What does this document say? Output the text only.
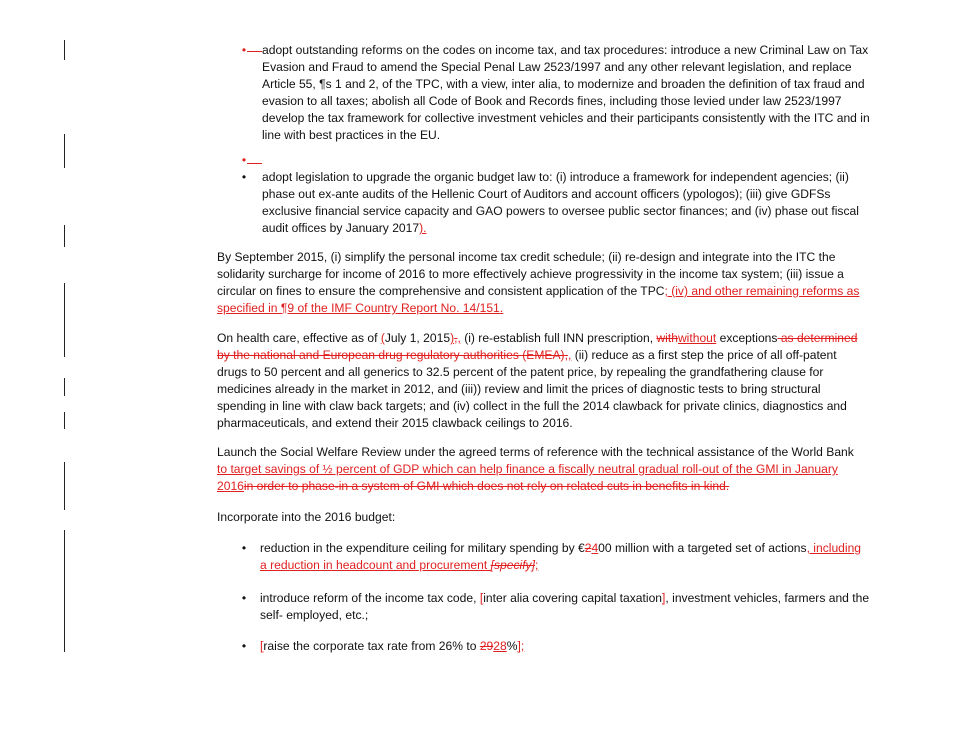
• adopt outstanding reforms on the codes on income tax, and tax procedures: introduce a new Criminal Law on Tax Evasion and Fraud to amend the Special Penal Law 2523/1997 and any other relevant legislation, and replace Article 55, ¶s 1 and 2, of the TPC, with a view, inter alia, to modernize and broaden the definition of tax fraud and evasion to all taxes; abolish all Code of Book and Records fines, including those levied under law 2523/1997 develop the tax framework for collective investment vehicles and their participants consistently with the ITC and in line with best practices in the EU.
•
• adopt legislation to upgrade the organic budget law to: (i) introduce a framework for independent agencies; (ii) phase out ex-ante audits of the Hellenic Court of Auditors and account officers (ypologos); (iii) give GDFSs exclusive financial service capacity and GAO powers to oversee public sector finances; and (iv) phase out fiscal audit offices by January 2017).
By September 2015, (i) simplify the personal income tax credit schedule; (ii) re-design and integrate into the ITC the solidarity surcharge for income of 2016 to more effectively achieve progressivity in the income tax system; (iii) issue a circular on fines to ensure the comprehensive and consistent application of the TPC; (iv) and other remaining reforms as specified in ¶9 of the IMF Country Report No. 14/151.
On health care, effective as of (July 1, 2015),, (i) re-establish full INN prescription, withwithout exceptions as determined by the national and European drug regulatory authorities (EMEA),, (ii) reduce as a first step the price of all off-patent drugs to 50 percent and all generics to 32.5 percent of the patent price, by repealing the grandfathering clause for medicines already in the market in 2012, and (iii)) review and limit the prices of diagnostic tests to bring structural spending in line with claw back targets; and (iv) collect in the full the 2014 clawback for private clinics, diagnostics and pharmaceuticals, and extend their 2015 clawback ceilings to 2016.
Launch the Social Welfare Review under the agreed terms of reference with the technical assistance of the World Bank to target savings of ½ percent of GDP which can help finance a fiscally neutral gradual roll-out of the GMI in January 2016in order to phase-in a system of GMI which does not rely on related cuts in benefits in kind.
Incorporate into the 2016 budget:
• reduction in the expenditure ceiling for military spending by €2400 million with a targeted set of actions, including a reduction in headcount and procurement [specify];
• introduce reform of the income tax code, [inter alia covering capital taxation], investment vehicles, farmers and the self- employed, etc.;
• [raise the corporate tax rate from 26% to 2928%];
